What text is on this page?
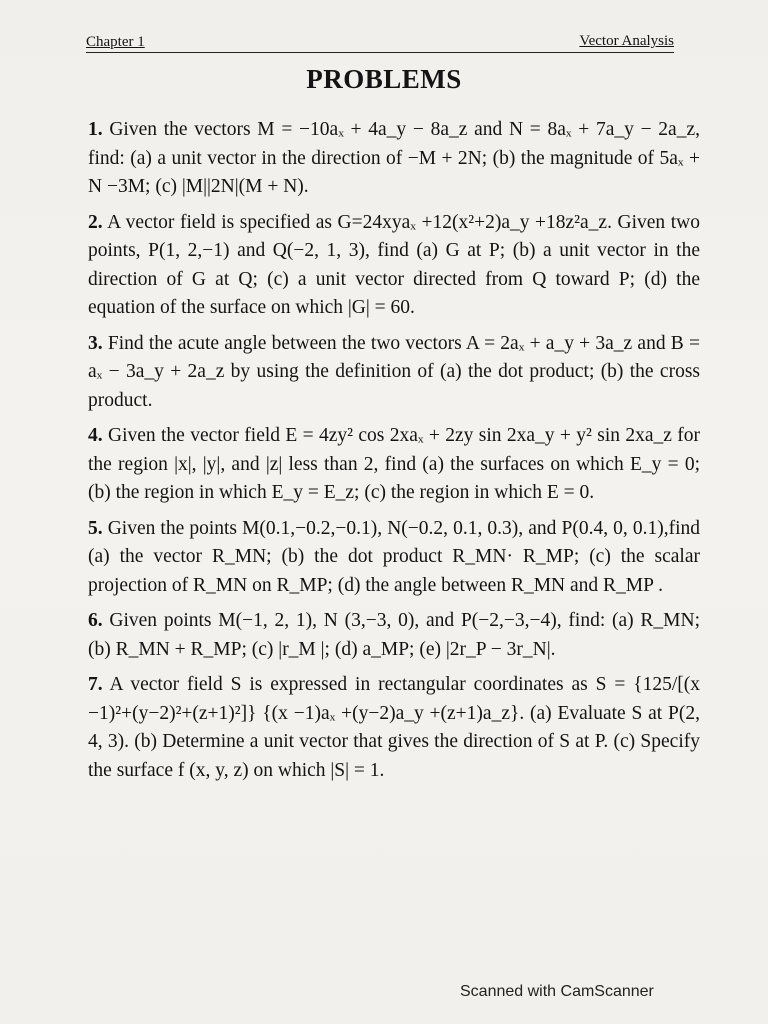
Chapter 1	Vector Analysis
PROBLEMS

1. Given the vectors M = −10aₓ + 4a_y − 8a_z and N = 8aₓ + 7a_y − 2a_z, find: (a) a unit vector in the direction of −M + 2N; (b) the magnitude of 5aₓ + N −3M; (c) |M||2N|(M + N).

2. A vector field is specified as G=24xyaₓ +12(x²+2)a_y +18z²a_z. Given two points, P(1, 2,−1) and Q(−2, 1, 3), find (a) G at P; (b) a unit vector in the direction of G at Q; (c) a unit vector directed from Q toward P; (d) the equation of the surface on which |G| = 60.

3. Find the acute angle between the two vectors A = 2aₓ + a_y + 3a_z and B = aₓ − 3a_y + 2a_z by using the definition of (a) the dot product; (b) the cross product.

4. Given the vector field E = 4zy² cos 2xaₓ + 2zy sin 2xa_y + y² sin 2xa_z for the region |x|, |y|, and |z| less than 2, find (a) the surfaces on which E_y = 0; (b) the region in which E_y = E_z; (c) the region in which E = 0.

5. Given the points M(0.1,−0.2,−0.1), N(−0.2, 0.1, 0.3), and P(0.4, 0, 0.1),find (a) the vector R_MN; (b) the dot product R_MN· R_MP; (c) the scalar projection of R_MN on R_MP; (d) the angle between R_MN and R_MP .

6. Given points M(−1, 2, 1), N (3,−3, 0), and P(−2,−3,−4), find: (a) R_MN; (b) R_MN + R_MP; (c) |r_M |; (d) a_MP; (e) |2r_P − 3r_N|.

7. A vector field S is expressed in rectangular coordinates as S = {125/[(x −1)²+(y−2)²+(z+1)²]} {(x −1)aₓ +(y−2)a_y +(z+1)a_z}. (a) Evaluate S at P(2, 4, 3). (b) Determine a unit vector that gives the direction of S at P. (c) Specify the surface f (x, y, z) on which |S| = 1.

Scanned with CamScanner
